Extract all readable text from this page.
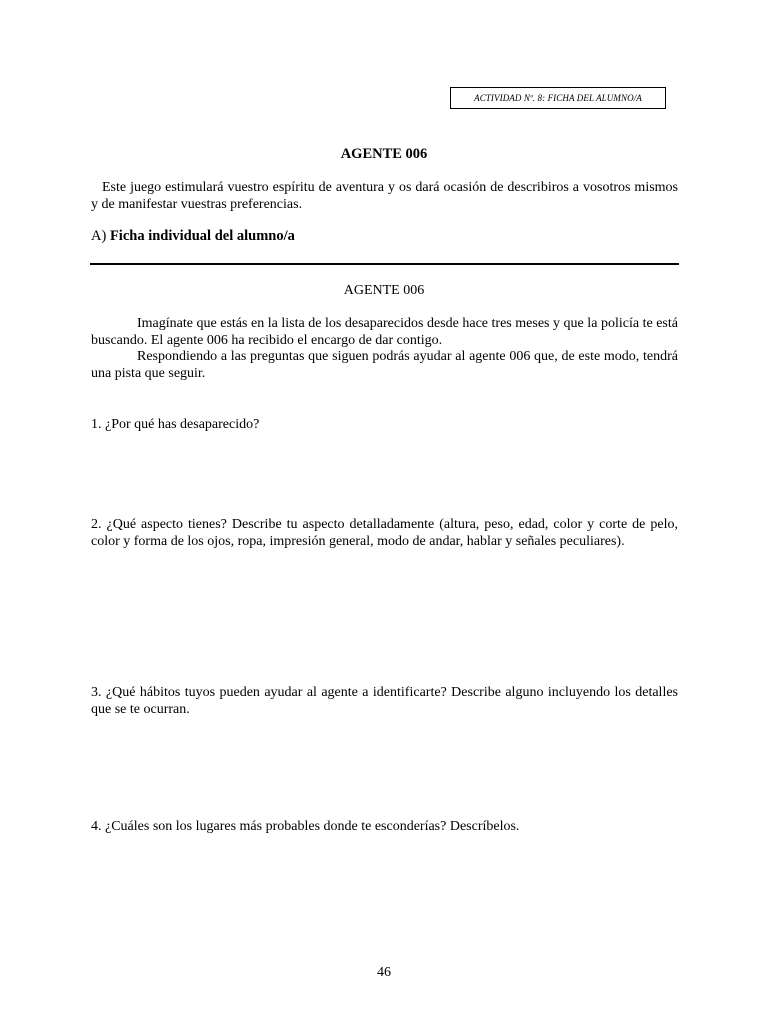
ACTIVIDAD Nº. 8: FICHA DEL ALUMNO/A
AGENTE 006
Este juego estimulará vuestro espíritu de aventura y os dará ocasión de describiros a vosotros mismos y de manifestar vuestras preferencias.
A) Ficha individual del alumno/a
AGENTE 006
Imagínate que estás en la lista de los desaparecidos desde hace tres meses y que la policía te está buscando. El agente 006 ha recibido el encargo de dar contigo.
Respondiendo a las preguntas que siguen podrás ayudar al agente 006 que, de este modo, tendrá una pista que seguir.
1. ¿Por qué has desaparecido?
2. ¿Qué aspecto tienes? Describe tu aspecto detalladamente (altura, peso, edad, color y corte de pelo, color y forma de los ojos, ropa, impresión general, modo de andar, hablar y señales peculiares).
3. ¿Qué hábitos tuyos pueden ayudar al agente a identificarte? Describe alguno incluyendo los detalles que se te ocurran.
4. ¿Cuáles son los lugares más probables donde te esconderías? Descríbelos.
46
